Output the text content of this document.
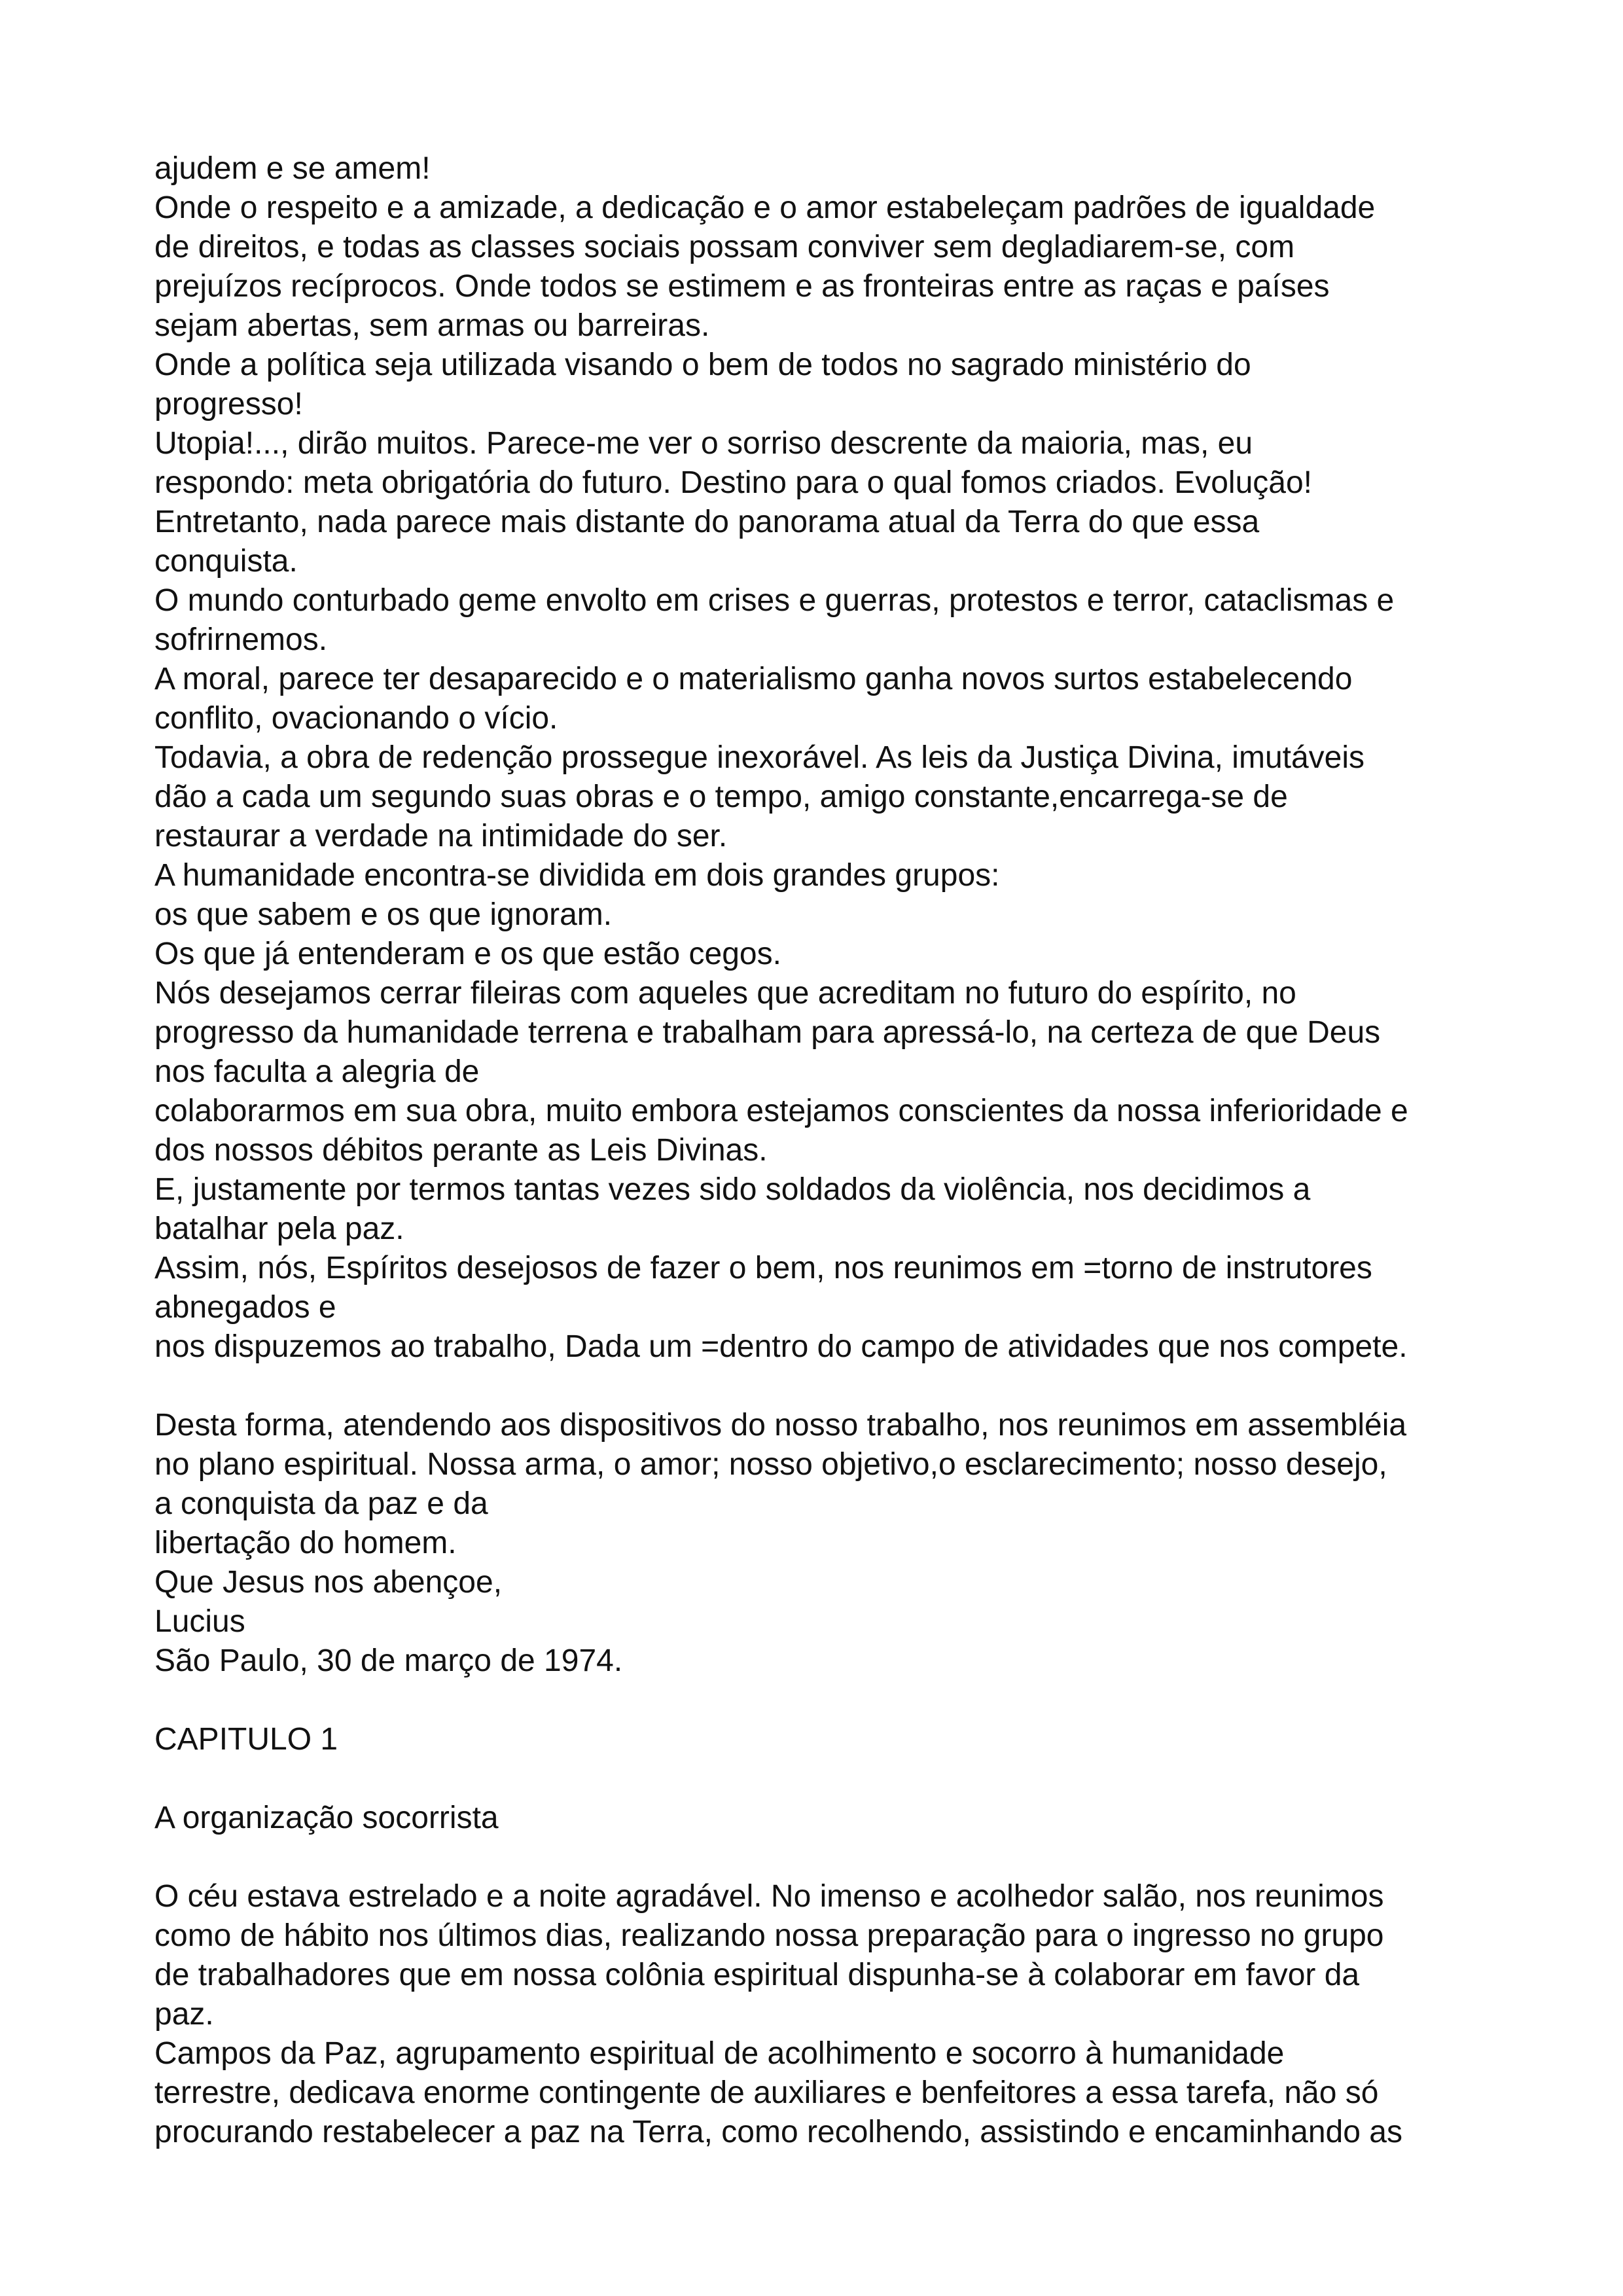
ajudem e se amem!
Onde o respeito e a amizade, a dedicação e o amor estabeleçam padrões de igualdade
de direitos, e todas as classes sociais possam conviver sem degladiarem-se, com
prejuízos recíprocos. Onde todos se estimem e as fronteiras entre as raças e países
sejam abertas, sem armas ou barreiras.
Onde a política seja utilizada visando o bem de todos no sagrado ministério do
progresso!
Utopia!..., dirão muitos. Parece-me ver o sorriso descrente da maioria, mas, eu
respondo: meta obrigatória do futuro. Destino para o qual fomos criados. Evolução!
Entretanto, nada parece mais distante do panorama atual da Terra do que essa
conquista.
O mundo conturbado geme envolto em crises e guerras, protestos e terror, cataclismas e
sofrirnemos.
A moral, parece ter desaparecido e o materialismo ganha novos surtos estabelecendo
conflito, ovacionando o vício.
Todavia, a obra de redenção prossegue inexorável. As leis da Justiça Divina, imutáveis
dão a cada um segundo suas obras e o tempo, amigo constante,encarrega-se de
restaurar a verdade na intimidade do ser.
A humanidade encontra-se dividida em dois grandes grupos:
os que sabem e os que ignoram.
Os que já entenderam e os que estão cegos.
Nós desejamos cerrar fileiras com aqueles que acreditam no futuro do espírito, no
progresso da humanidade terrena e trabalham para apressá-lo, na certeza de que Deus
nos faculta a alegria de
colaborarmos em sua obra, muito embora estejamos conscientes da nossa inferioridade e
dos nossos débitos perante as Leis Divinas.
E, justamente por termos tantas vezes sido soldados da violência, nos decidimos a
batalhar pela paz.
Assim, nós, Espíritos desejosos de fazer o bem, nos reunimos em =torno de instrutores
abnegados e
nos dispuzemos ao trabalho, Dada um =dentro do campo de atividades que nos compete.
Desta forma, atendendo aos dispositivos do nosso trabalho, nos reunimos em assembléia
no plano espiritual. Nossa arma, o amor; nosso objetivo,o esclarecimento; nosso desejo,
a conquista da paz e da
libertação do homem.
Que Jesus nos abençoe,
Lucius
São Paulo, 30 de março de 1974.
CAPITULO 1
A organização socorrista
O céu estava estrelado e a noite agradável. No imenso e acolhedor salão, nos reunimos
como de hábito nos últimos dias, realizando nossa preparação para o ingresso no grupo
de trabalhadores que em nossa colônia espiritual dispunha-se à colaborar em favor da
paz.
Campos da Paz, agrupamento espiritual de acolhimento e socorro à humanidade
terrestre, dedicava enorme contingente de auxiliares e benfeitores a essa tarefa, não só
procurando restabelecer a paz na Terra, como recolhendo, assistindo e encaminhando as
